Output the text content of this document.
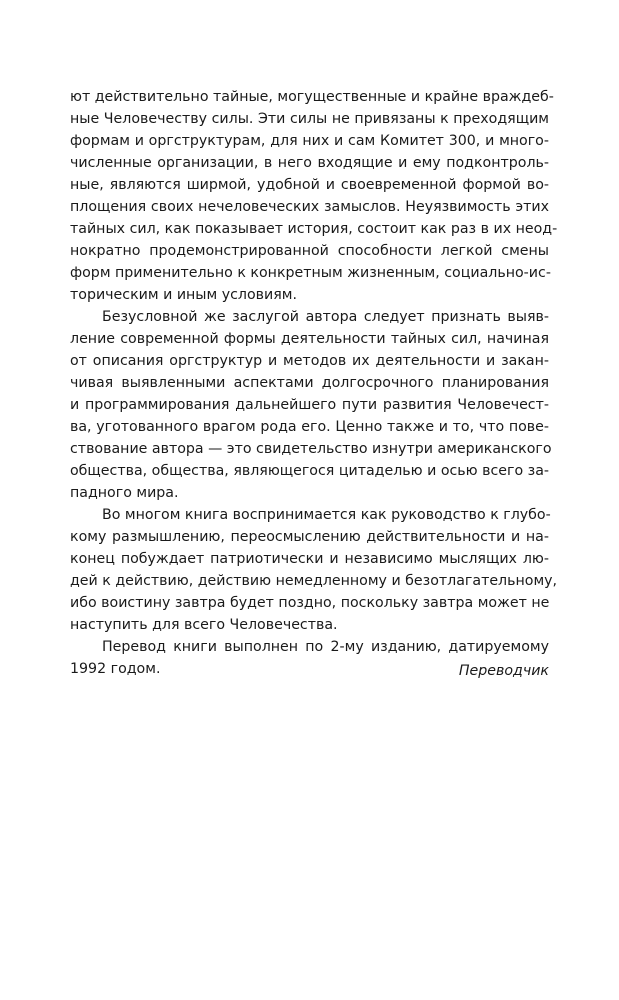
ют действительно тайные, могущественные и крайне враждеб-
ные Человечеству силы. Эти силы не привязаны к преходящим
формам и оргструктурам, для них и сам Комитет 300, и много-
численные организации, в него входящие и ему подконтроль-
ные, являются ширмой, удобной и своевременной формой во-
площения своих нечеловеческих замыслов. Неуязвимость этих
тайных сил, как показывает история, состоит как раз в их неод-
нократно продемонстрированной способности легкой смены
форм применительно к конкретным жизненным, социально-ис-
торическим и иным условиям.
Безусловной же заслугой автора следует признать выяв-
ление современной формы деятельности тайных сил, начиная
от описания оргструктур и методов их деятельности и закан-
чивая выявленными аспектами долгосрочного планирования
и программирования дальнейшего пути развития Человечест-
ва, уготованного врагом рода его. Ценно также и то, что пове-
ствование автора — это свидетельство изнутри американского
общества, общества, являющегося цитаделью и осью всего за-
падного мира.
Во многом книга воспринимается как руководство к глубо-
кому размышлению, переосмыслению действительности и на-
конец побуждает патриотически и независимо мыслящих лю-
дей к действию, действию немедленному и безотлагательному,
ибо воистину завтра будет поздно, поскольку завтра может не
наступить для всего Человечества.
Перевод книги выполнен по 2-му изданию, датируемому
1992 годом.	Переводчик
